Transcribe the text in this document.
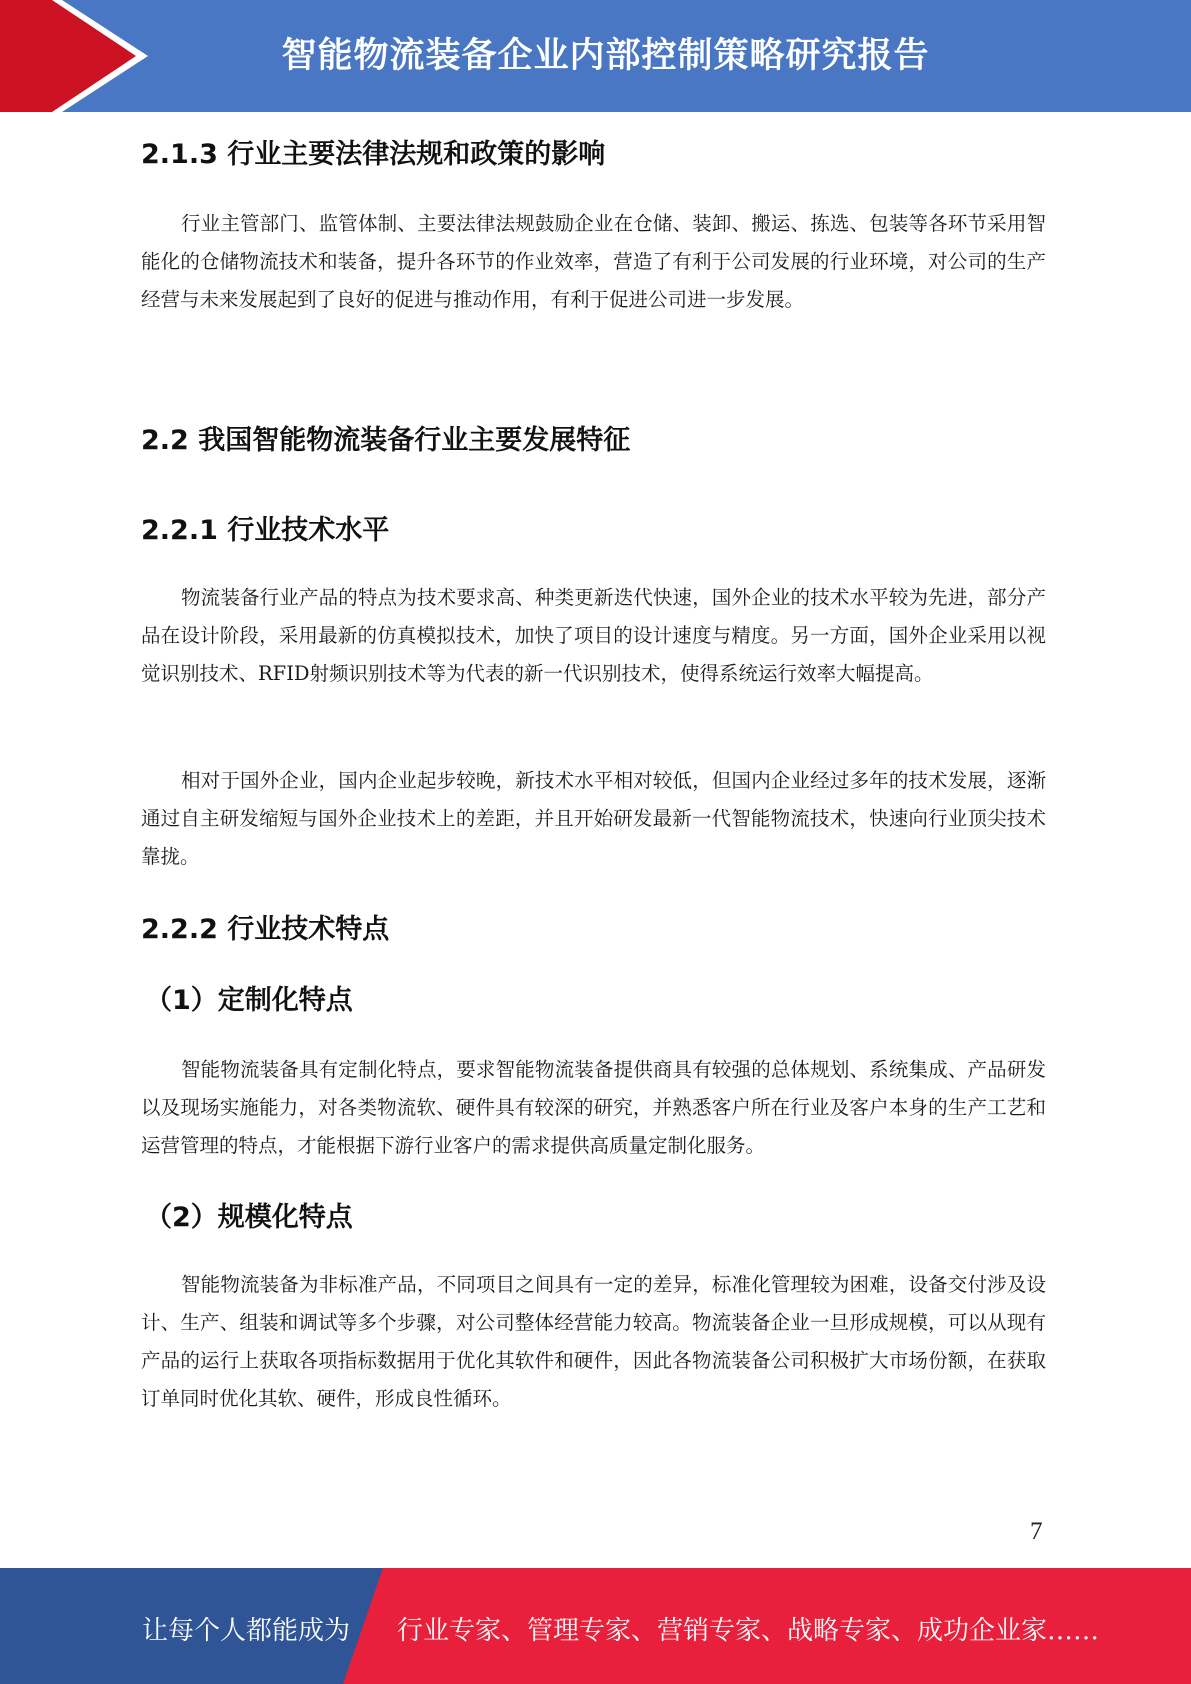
智能物流装备企业内部控制策略研究报告
2.1.3 行业主要法律法规和政策的影响

行业主管部门、监管体制、主要法律法规鼓励企业在仓储、装卸、搬运、拣选、包装等各环节采用智能化的仓储物流技术和装备，提升各环节的作业效率，营造了有利于公司发展的行业环境，对公司的生产经营与未来发展起到了良好的促进与推动作用，有利于促进公司进一步发展。

2.2 我国智能物流装备行业主要发展特征
2.2.1 行业技术水平

物流装备行业产品的特点为技术要求高、种类更新迭代快速，国外企业的技术水平较为先进，部分产品在设计阶段，采用最新的仿真模拟技术，加快了项目的设计速度与精度。另一方面，国外企业采用以视觉识别技术、RFID射频识别技术等为代表的新一代识别技术，使得系统运行效率大幅提高。

相对于国外企业，国内企业起步较晚，新技术水平相对较低，但国内企业经过多年的技术发展，逐渐通过自主研发缩短与国外企业技术上的差距，并且开始研发最新一代智能物流技术，快速向行业顶尖技术靠拢。

2.2.2 行业技术特点
（1）定制化特点

智能物流装备具有定制化特点，要求智能物流装备提供商具有较强的总体规划、系统集成、产品研发以及现场实施能力，对各类物流软、硬件具有较深的研究，并熟悉客户所在行业及客户本身的生产工艺和运营管理的特点，才能根据下游行业客户的需求提供高质量定制化服务。

（2）规模化特点

智能物流装备为非标准产品，不同项目之间具有一定的差异，标准化管理较为困难，设备交付涉及设计、生产、组装和调试等多个步骤，对公司整体经营能力较高。物流装备企业一旦形成规模，可以从现有产品的运行上获取各项指标数据用于优化其软件和硬件，因此各物流装备公司积极扩大市场份额，在获取订单同时优化其软、硬件，形成良性循环。

7
让每个人都能成为 行业专家、管理专家、营销专家、战略专家、成功企业家……
